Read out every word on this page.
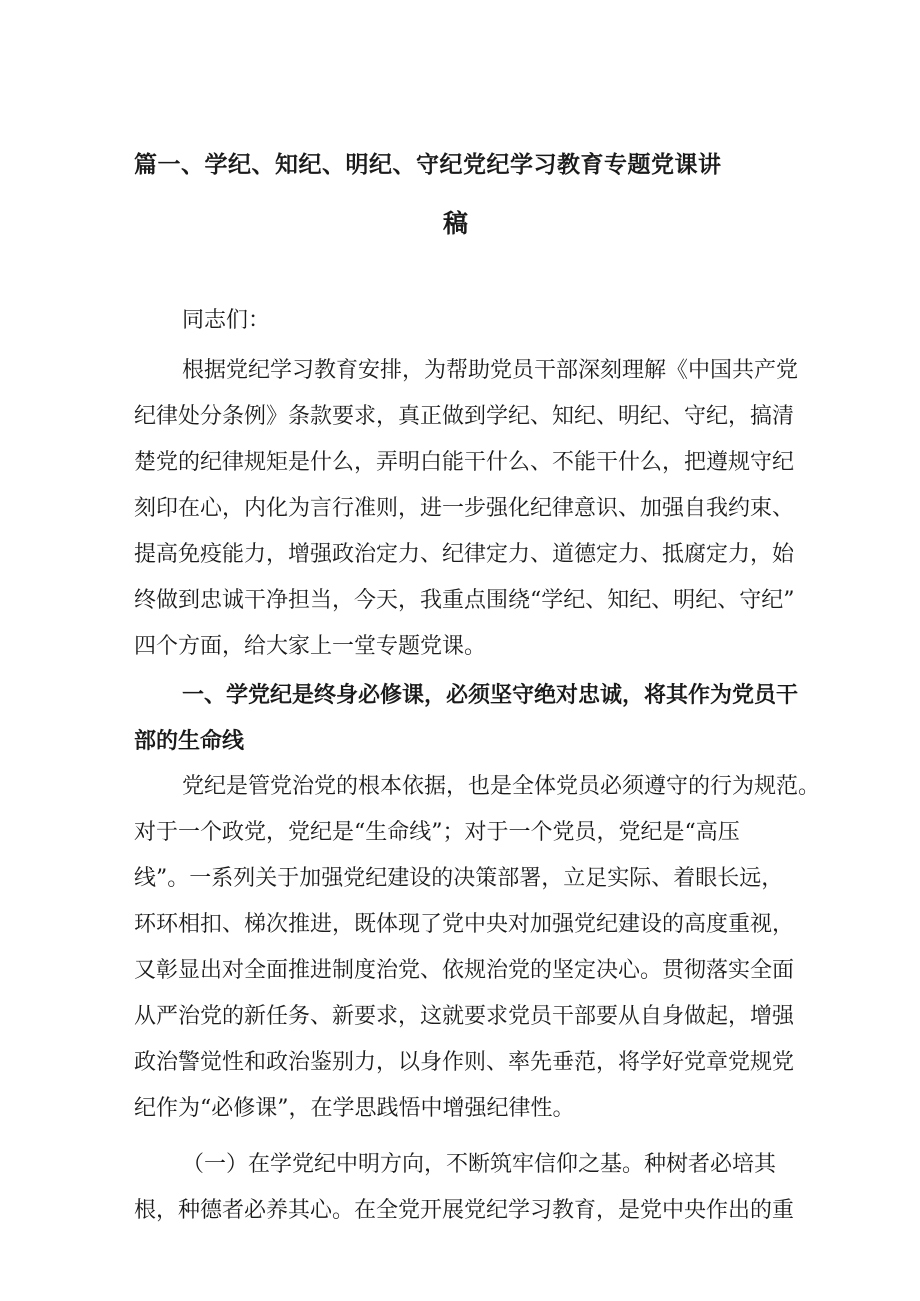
篇一、学纪、知纪、明纪、守纪党纪学习教育专题党课讲
稿
同志们：
根据党纪学习教育安排，为帮助党员干部深刻理解《中国共产党
纪律处分条例》条款要求，真正做到学纪、知纪、明纪、守纪，搞清
楚党的纪律规矩是什么，弄明白能干什么、不能干什么，把遵规守纪
刻印在心，内化为言行准则，进一步强化纪律意识、加强自我约束、
提高免疫能力，增强政治定力、纪律定力、道德定力、抵腐定力，始
终做到忠诚干净担当，今天，我重点围绕“学纪、知纪、明纪、守纪”
四个方面，给大家上一堂专题党课。
一、学党纪是终身必修课，必须坚守绝对忠诚，将其作为党员干
部的生命线
党纪是管党治党的根本依据，也是全体党员必须遵守的行为规范。
对于一个政党，党纪是“生命线”；对于一个党员，党纪是“高压
线”。一系列关于加强党纪建设的决策部署，立足实际、着眼长远，
环环相扣、梯次推进，既体现了党中央对加强党纪建设的高度重视，
又彰显出对全面推进制度治党、依规治党的坚定决心。贯彻落实全面
从严治党的新任务、新要求，这就要求党员干部要从自身做起，增强
政治警觉性和政治鉴别力，以身作则、率先垂范，将学好党章党规党
纪作为“必修课”，在学思践悟中增强纪律性。
（一）在学党纪中明方向，不断筑牢信仰之基。种树者必培其
根，种德者必养其心。在全党开展党纪学习教育，是党中央作出的重
